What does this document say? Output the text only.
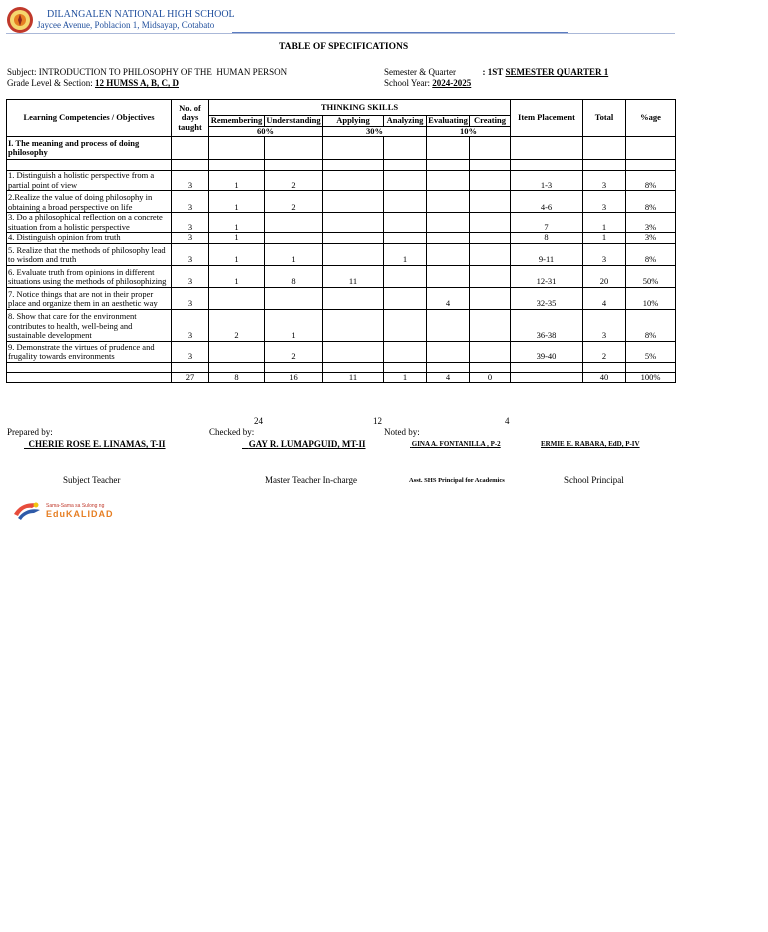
DILANGALEN NATIONAL HIGH SCHOOL
Jaycee Avenue, Poblacion 1, Midsayap, Cotabato
TABLE OF SPECIFICATIONS
Subject: INTRODUCTION TO PHILOSOPHY OF THE  HUMAN PERSON
Grade Level & Section: 12 HUMSS A, B, C, D
Semester & Quarter	: 1ST SEMESTER QUARTER 1
School Year: 2024-2025
Learning Competencies / Objectives	No. of days taught	THINKING SKILLS						Item Placement	Total	%age
		Remembering	Understanding	Applying	Analyzing	Evaluating	Creating			
		60%		30%		10%				
I. The meaning and process of doing philosophy										

1. Distinguish a holistic perspective from a partial point of view	3	1	2					1-3	3	8%
2.Realize the value of doing philosophy in obtaining a broad perspective on life	3	1	2					4-6	3	8%
3. Do a philosophical reflection on a concrete situation from a holistic perspective	3	1						7	1	3%
4. Distinguish opinion from truth	3	1						8	1	3%
5. Realize that the methods of philosophy lead to wisdom and truth	3	1	1		1			9-11	3	8%
6. Evaluate truth from opinions in different situations using the methods of philosophizing	3	1	8	11				12-31	20	50%
7. Notice things that are not in their proper place and organize them in an aesthetic way	3					4		32-35	4	10%
8. Show that care for the environment contributes to health, well-being and sustainable development	3	2	1					36-38	3	8%
9. Demonstrate the virtues of prudence and frugality towards environments	3		2					39-40	2	5%

	27	8	16	11	1	4	0		40	100%
24	12	4
Prepared by:	Checked by:	Noted by:
CHERIE ROSE E. LINAMAS, T-II	GAY R. LUMAPGUID, MT-II	GINA A. FONTANILLA , P-2	ERMIE E. RABARA, EdD, P-IV
Subject Teacher	Master Teacher In-charge	Asst. SHS Principal for Academics	School Principal
Sama-Sama sa Sulong ng
EduKALIDAD
